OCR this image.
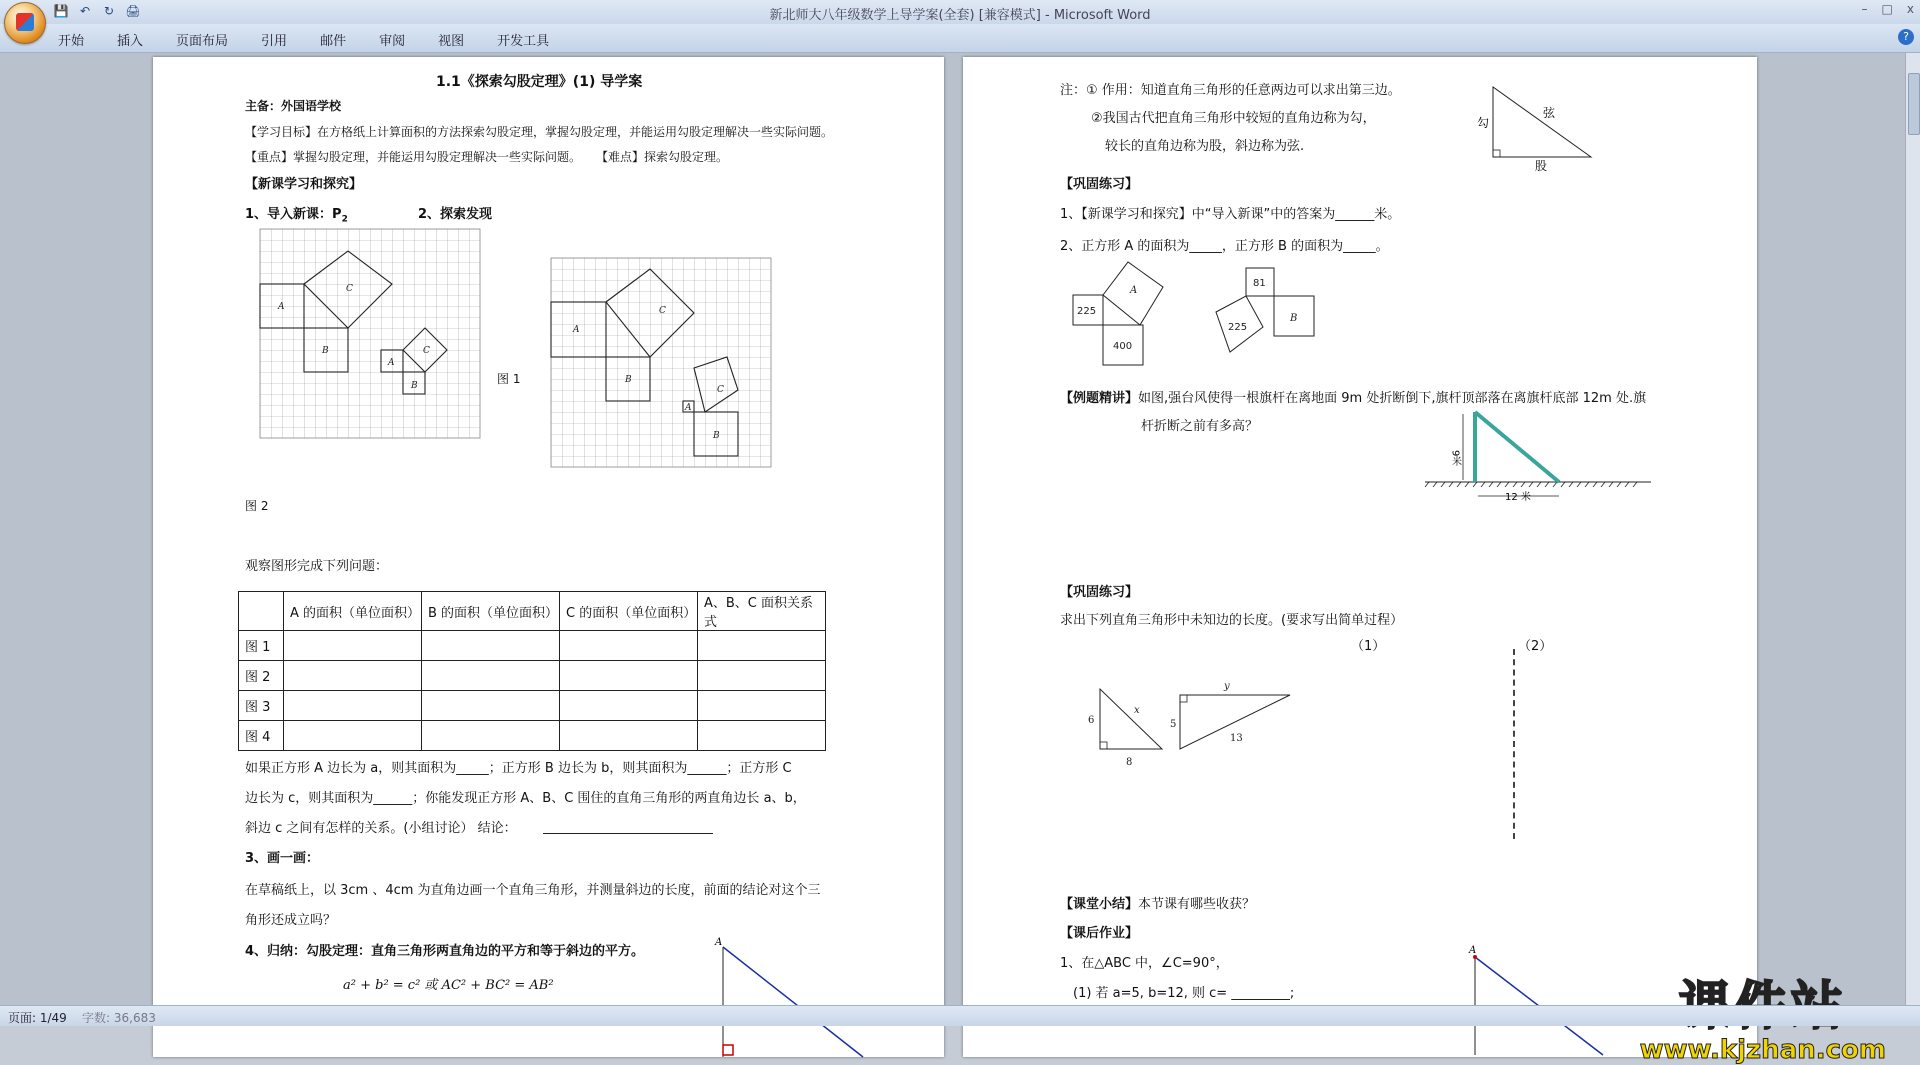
💾 ↶	↻ 🖨	新北师大八年级数学上导学案(全套) [兼容模式] - Microsoft Word	– □ x
开始	插入	页面布局	引用	邮件	审阅	视图	开发工具	?
1.1《探索勾股定理》(1) 导学案
主备：外国语学校
【学习目标】在方格纸上计算面积的方法探索勾股定理，掌握勾股定理，并能运用勾股定理解决一些实际问题。
【重点】掌握勾股定理，并能运用勾股定理解决一些实际问题。 【难点】探索勾股定理。
【新课学习和探究】
1、导入新课：$P_2$	2、探索发现
A
B
C
A
B
C
A
B
C
A
B
C
图 1
图 2
观察图形完成下列问题：
	A 的面积（单位面积）	B 的面积（单位面积）	C 的面积（单位面积）	A、B、C 面积关系式
图 1				
图 2				
图 3				
图 4				
如果正方形 A 边长为 a，则其面积为_____；正方形 B 边长为 b，则其面积为______；正方形 C
边长为 c，则其面积为______；你能发现正方形 A、B、C 围住的直角三角形的两直角边长 a、b，
斜边 c 之间有怎样的关系。(小组讨论） 结论：
3、画一画：
在草稿纸上，以 3cm 、4cm 为直角边画一个直角三角形，并测量斜边的长度，前面的结论对这个三
角形还成立吗？
4、归纳：勾股定理：直角三角形两直角边的平方和等于斜边的平方。
a² + b² = c² 或 AC² + BC² = AB²
A
注：① 作用：知道直角三角形的任意两边可以求出第三边。
②我国古代把直角三角形中较短的直角边称为勾，
较长的直角边称为股，斜边称为弦.
勾
弦
股
【巩固练习】
1、【新课学习和探究】中“导入新课”中的答案为______米。
2、正方形 A 的面积为_____，正方形 B 的面积为_____。
A
225
400
81
225
B
【例题精讲】如图,强台风使得一根旗杆在离地面 9m 处折断倒下,旗杆顶部落在离旗杆底部 12m 处.旗
杆折断之前有多高？
9米
12 米
【巩固练习】
求出下列直角三角形中未知边的长度。(要求写出简单过程）
（1）	（2）
6
8
x
5
13
y
【课堂小结】本节课有哪些收获？
【课后作业】
1、在△ABC 中，∠C=90°，
(1) 若 a=5, b=12, 则 c= _________;
A
www.kjzhan.com
页面: 1/49 字数: 36,683
